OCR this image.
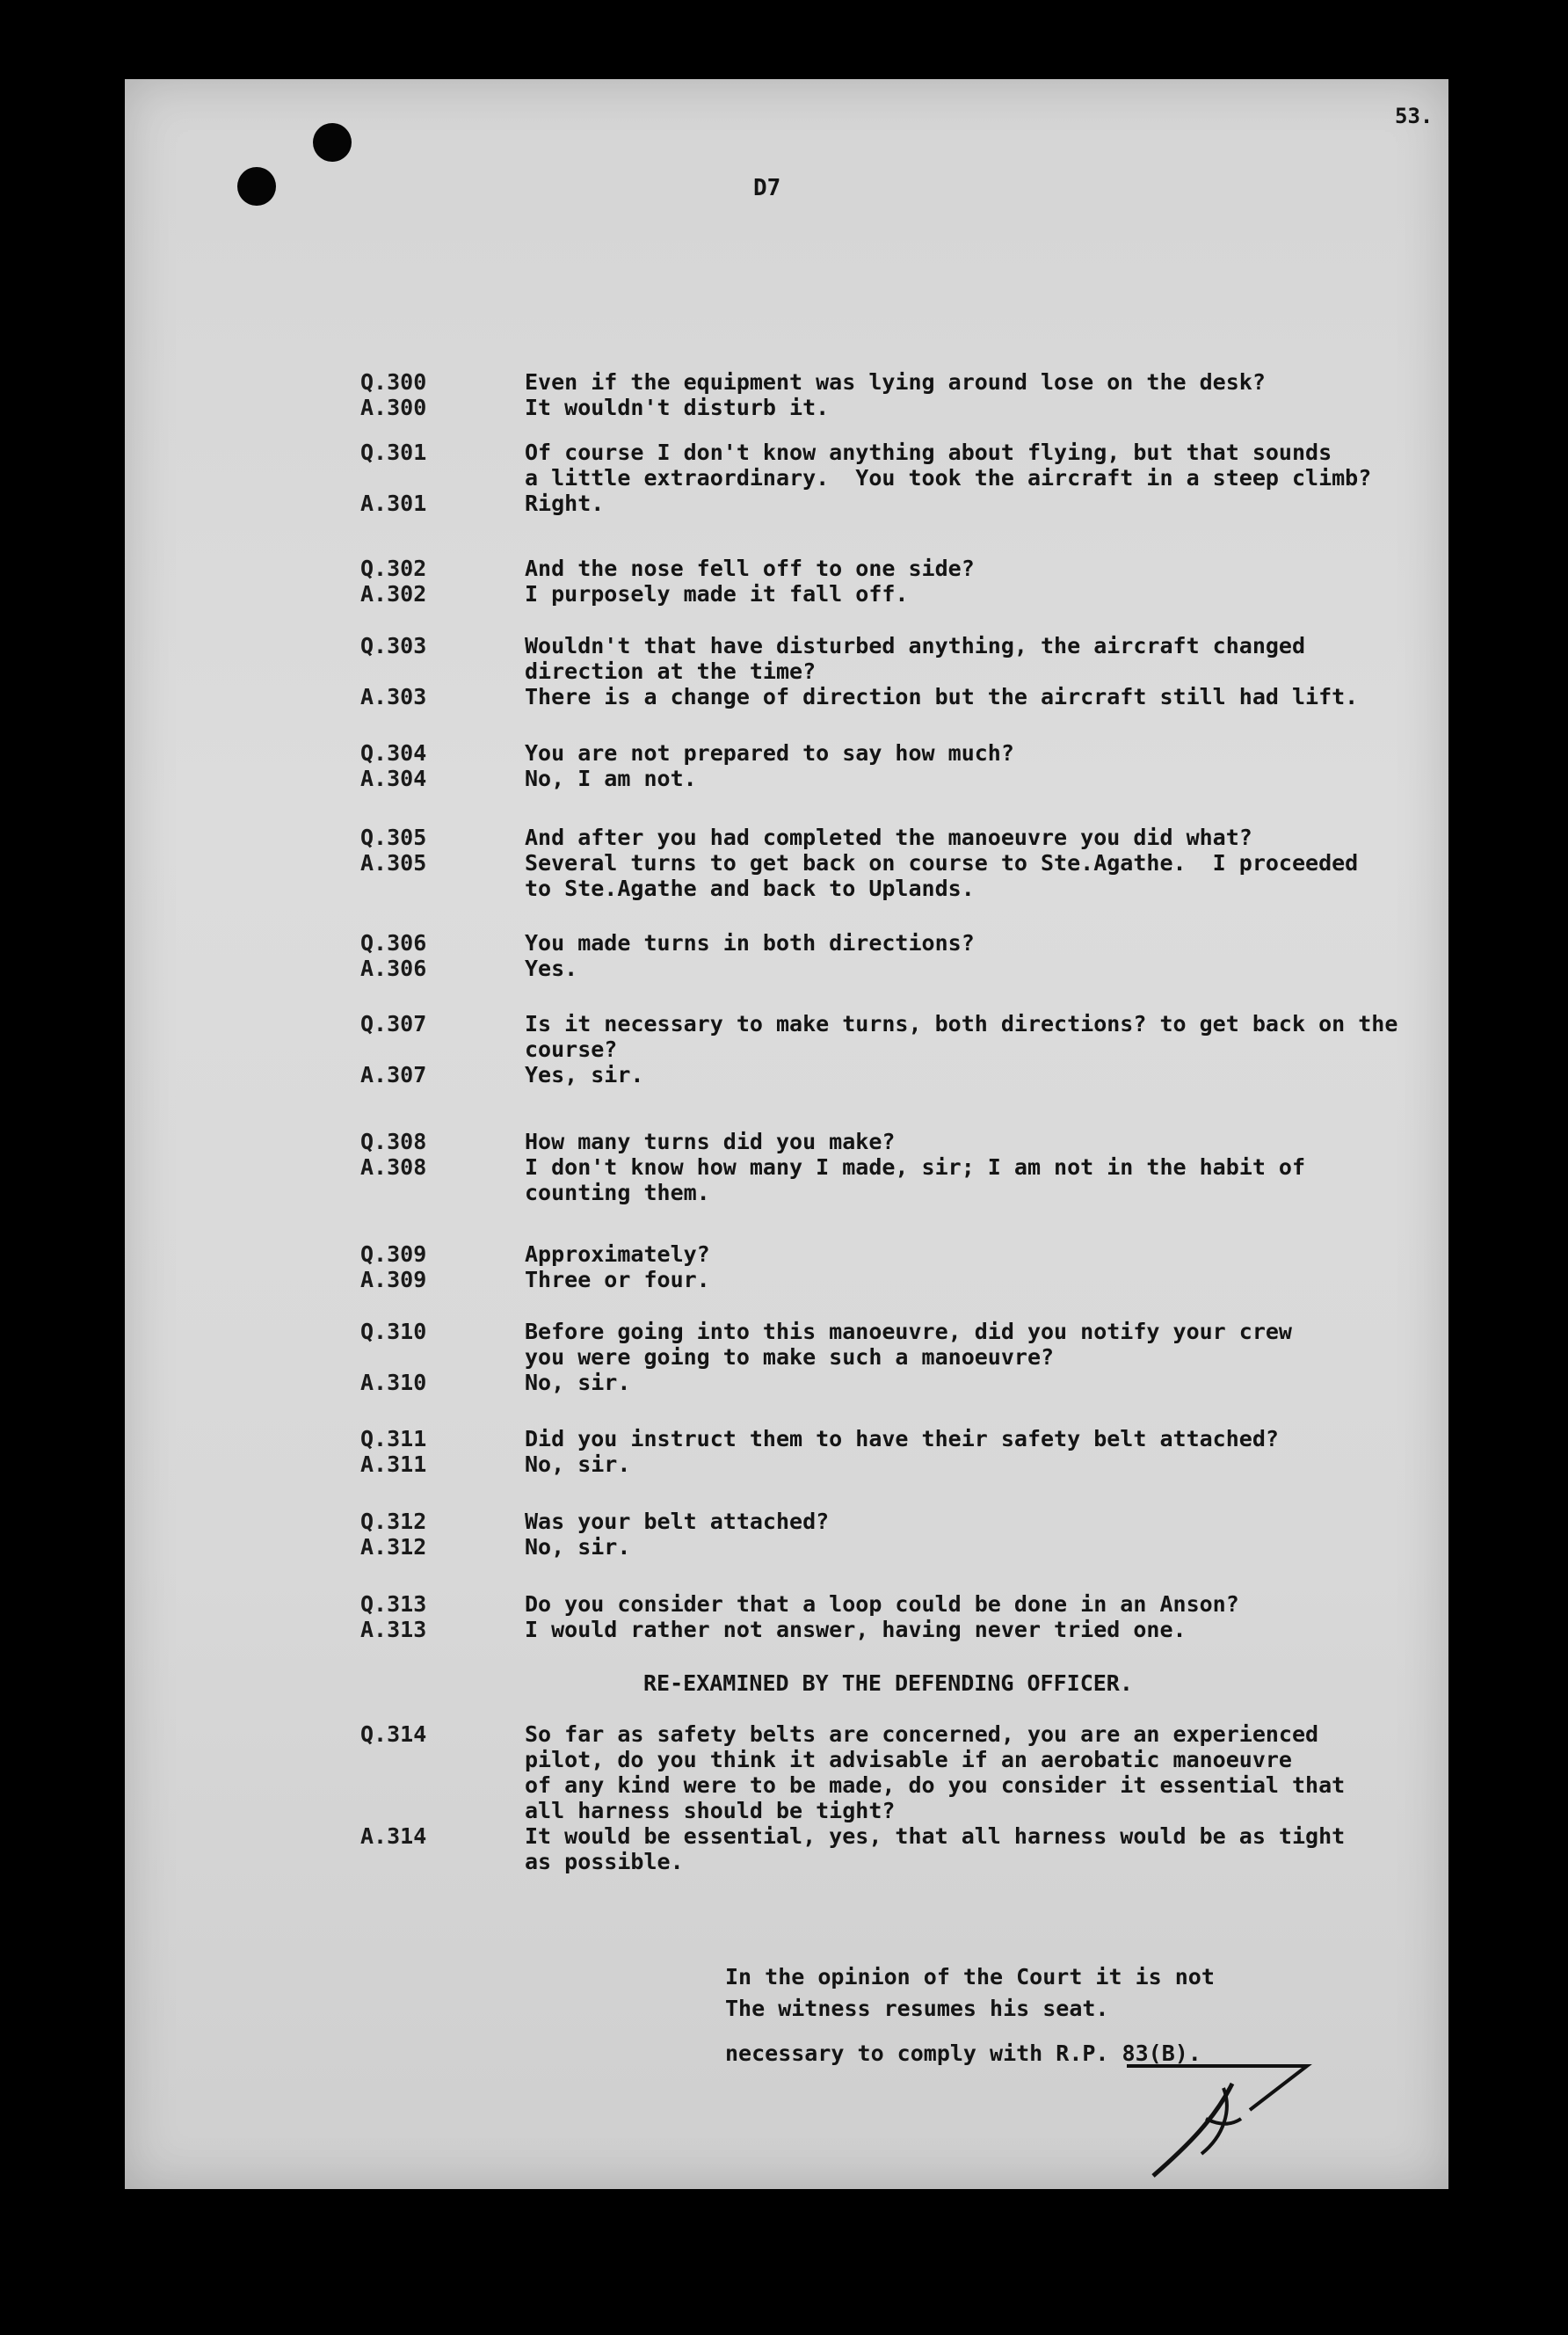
53.
D7
Q.300	Even if the equipment was lying around lose on the desk?
A.300	It wouldn't disturb it.
Q.301	Of course I don't know anything about flying, but that sounds
a little extraordinary.  You took the aircraft in a steep climb?
A.301	Right.
Q.302	And the nose fell off to one side?
A.302	I purposely made it fall off.
Q.303	Wouldn't that have disturbed anything, the aircraft changed
direction at the time?
A.303	There is a change of direction but the aircraft still had lift.
Q.304	You are not prepared to say how much?
A.304	No, I am not.
Q.305	And after you had completed the manoeuvre you did what?
A.305	Several turns to get back on course to Ste.Agathe.  I proceeded
to Ste.Agathe and back to Uplands.
Q.306	You made turns in both directions?
A.306	Yes.
Q.307	Is it necessary to make turns, both directions? to get back on the
course?
A.307	Yes, sir.
Q.308	How many turns did you make?
A.308	I don't know how many I made, sir; I am not in the habit of
counting them.
Q.309	Approximately?
A.309	Three or four.
Q.310	Before going into this manoeuvre, did you notify your crew
you were going to make such a manoeuvre?
A.310	No, sir.
Q.311	Did you instruct them to have their safety belt attached?
A.311	No, sir.
Q.312	Was your belt attached?
A.312	No, sir.
Q.313	Do you consider that a loop could be done in an Anson?
A.313	I would rather not answer, having never tried one.
RE-EXAMINED BY THE DEFENDING OFFICER.
Q.314	So far as safety belts are concerned, you are an experienced
pilot, do you think it advisable if an aerobatic manoeuvre
of any kind were to be made, do you consider it essential that
all harness should be tight?
A.314	It would be essential, yes, that all harness would be as tight
as possible.

In the opinion of the Court it is not

necessary to comply with R.P. 83(B).

The witness resumes his seat.
